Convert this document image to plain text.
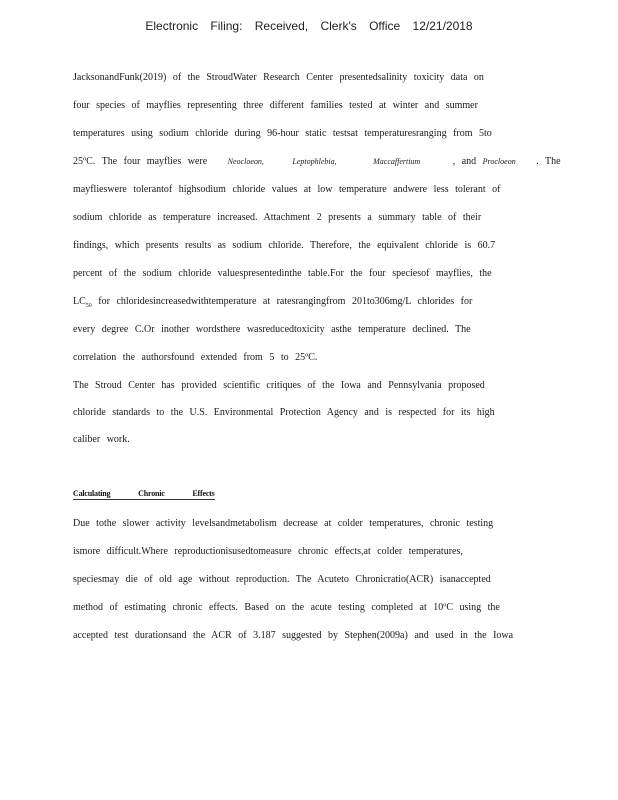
Electronic Filing: Received, Clerk's Office 12/21/2018
JacksonandFunk(2019) of the StroudWater Research Center presentedsalinity toxicity data on
four species of mayflies representing three different families tested at winter and summer
temperatures using sodium chloride during 96-hour static testsat temperaturesranging from 5to
25ºC. The four mayflies were	Neocloeon,	Leptophlebia,	Maccaffertium	, and Procloeon . The
mayflieswere tolerantof highsodium chloride values at low temperature andwere less tolerant of
sodium chloride as temperature increased. Attachment 2 presents a summary table of their
findings, which presents results as sodium chloride. Therefore, the equivalent chloride is 60.7
percent of the sodium chloride valuespresentedinthe table.For the four speciesof mayflies, the
$LC_{50}$ for chloridesincreasedwithtemperature at ratesrangingfrom 201to306mg/L chlorides for
every degree C.Or inother wordsthere wasreducedtoxicity asthe temperature declined. The
correlation the authorsfound extended from 5 to 25ºC.
The Stroud Center has provided scientific critiques of the Iowa and Pennsylvania proposed
chloride standards to the U.S. Environmental Protection Agency and is respected for its high
caliber work.
Calculating Chronic Effects
Due tothe slower activity levelsandmetabolism decrease at colder temperatures, chronic testing
ismore difficult.Where reproductionisusedtomeasure chronic effects,at colder temperatures,
speciesmay die of old age without reproduction. The Acuteto Chronicratio(ACR) isanaccepted
method of estimating chronic effects. Based on the acute testing completed at 10ºC using the
accepted test durationsand the ACR of 3.187 suggested by Stephen(2009a) and used in the Iowa
